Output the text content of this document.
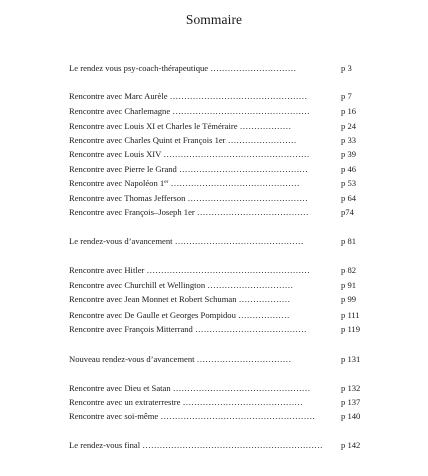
Sommaire
Le rendez vous psy-coach-thérapeutique …………………………	p 3
Rencontre avec Marc Aurèle …………………………………………	p 7
Rencontre avec Charlemagne …………………………………………	p 16
Rencontre avec Louis XI et Charles le Téméraire ………………	p 24
Rencontre avec Charles Quint et François 1er ……………………	p 33
Rencontre avec Louis XIV ……………………………………………	p 39
Rencontre avec Pierre le Grand ………………………………………	p 46
Rencontre avec Napoléon 1er ………………………………………	p 53
Rencontre avec Thomas Jefferson ……………………………………	p 64
Rencontre avec François–Joseph 1er …………………………………	p74
Le rendez-vous d’avancement ………………………………………	p 81
Rencontre avec Hitler …………………………………………………	p 82
Rencontre avec Churchill et Wellington …………………………	p 91
Rencontre avec Jean Monnet et Robert Schuman ………………	p 99
Rencontre avec De Gaulle et Georges Pompidou ………………	p 111
Rencontre avec François Mitterrand …………………………………	p 119
Nouveau rendez-vous d’avancement ……………………………	p 131
Rencontre avec Dieu et Satan …………………………………………	p 132
Rencontre avec un extraterrestre ……………………………………	p 137
Rencontre avec soi-même ………………………………………………	p 140
Le rendez-vous final ……………………………………………………… p 142
